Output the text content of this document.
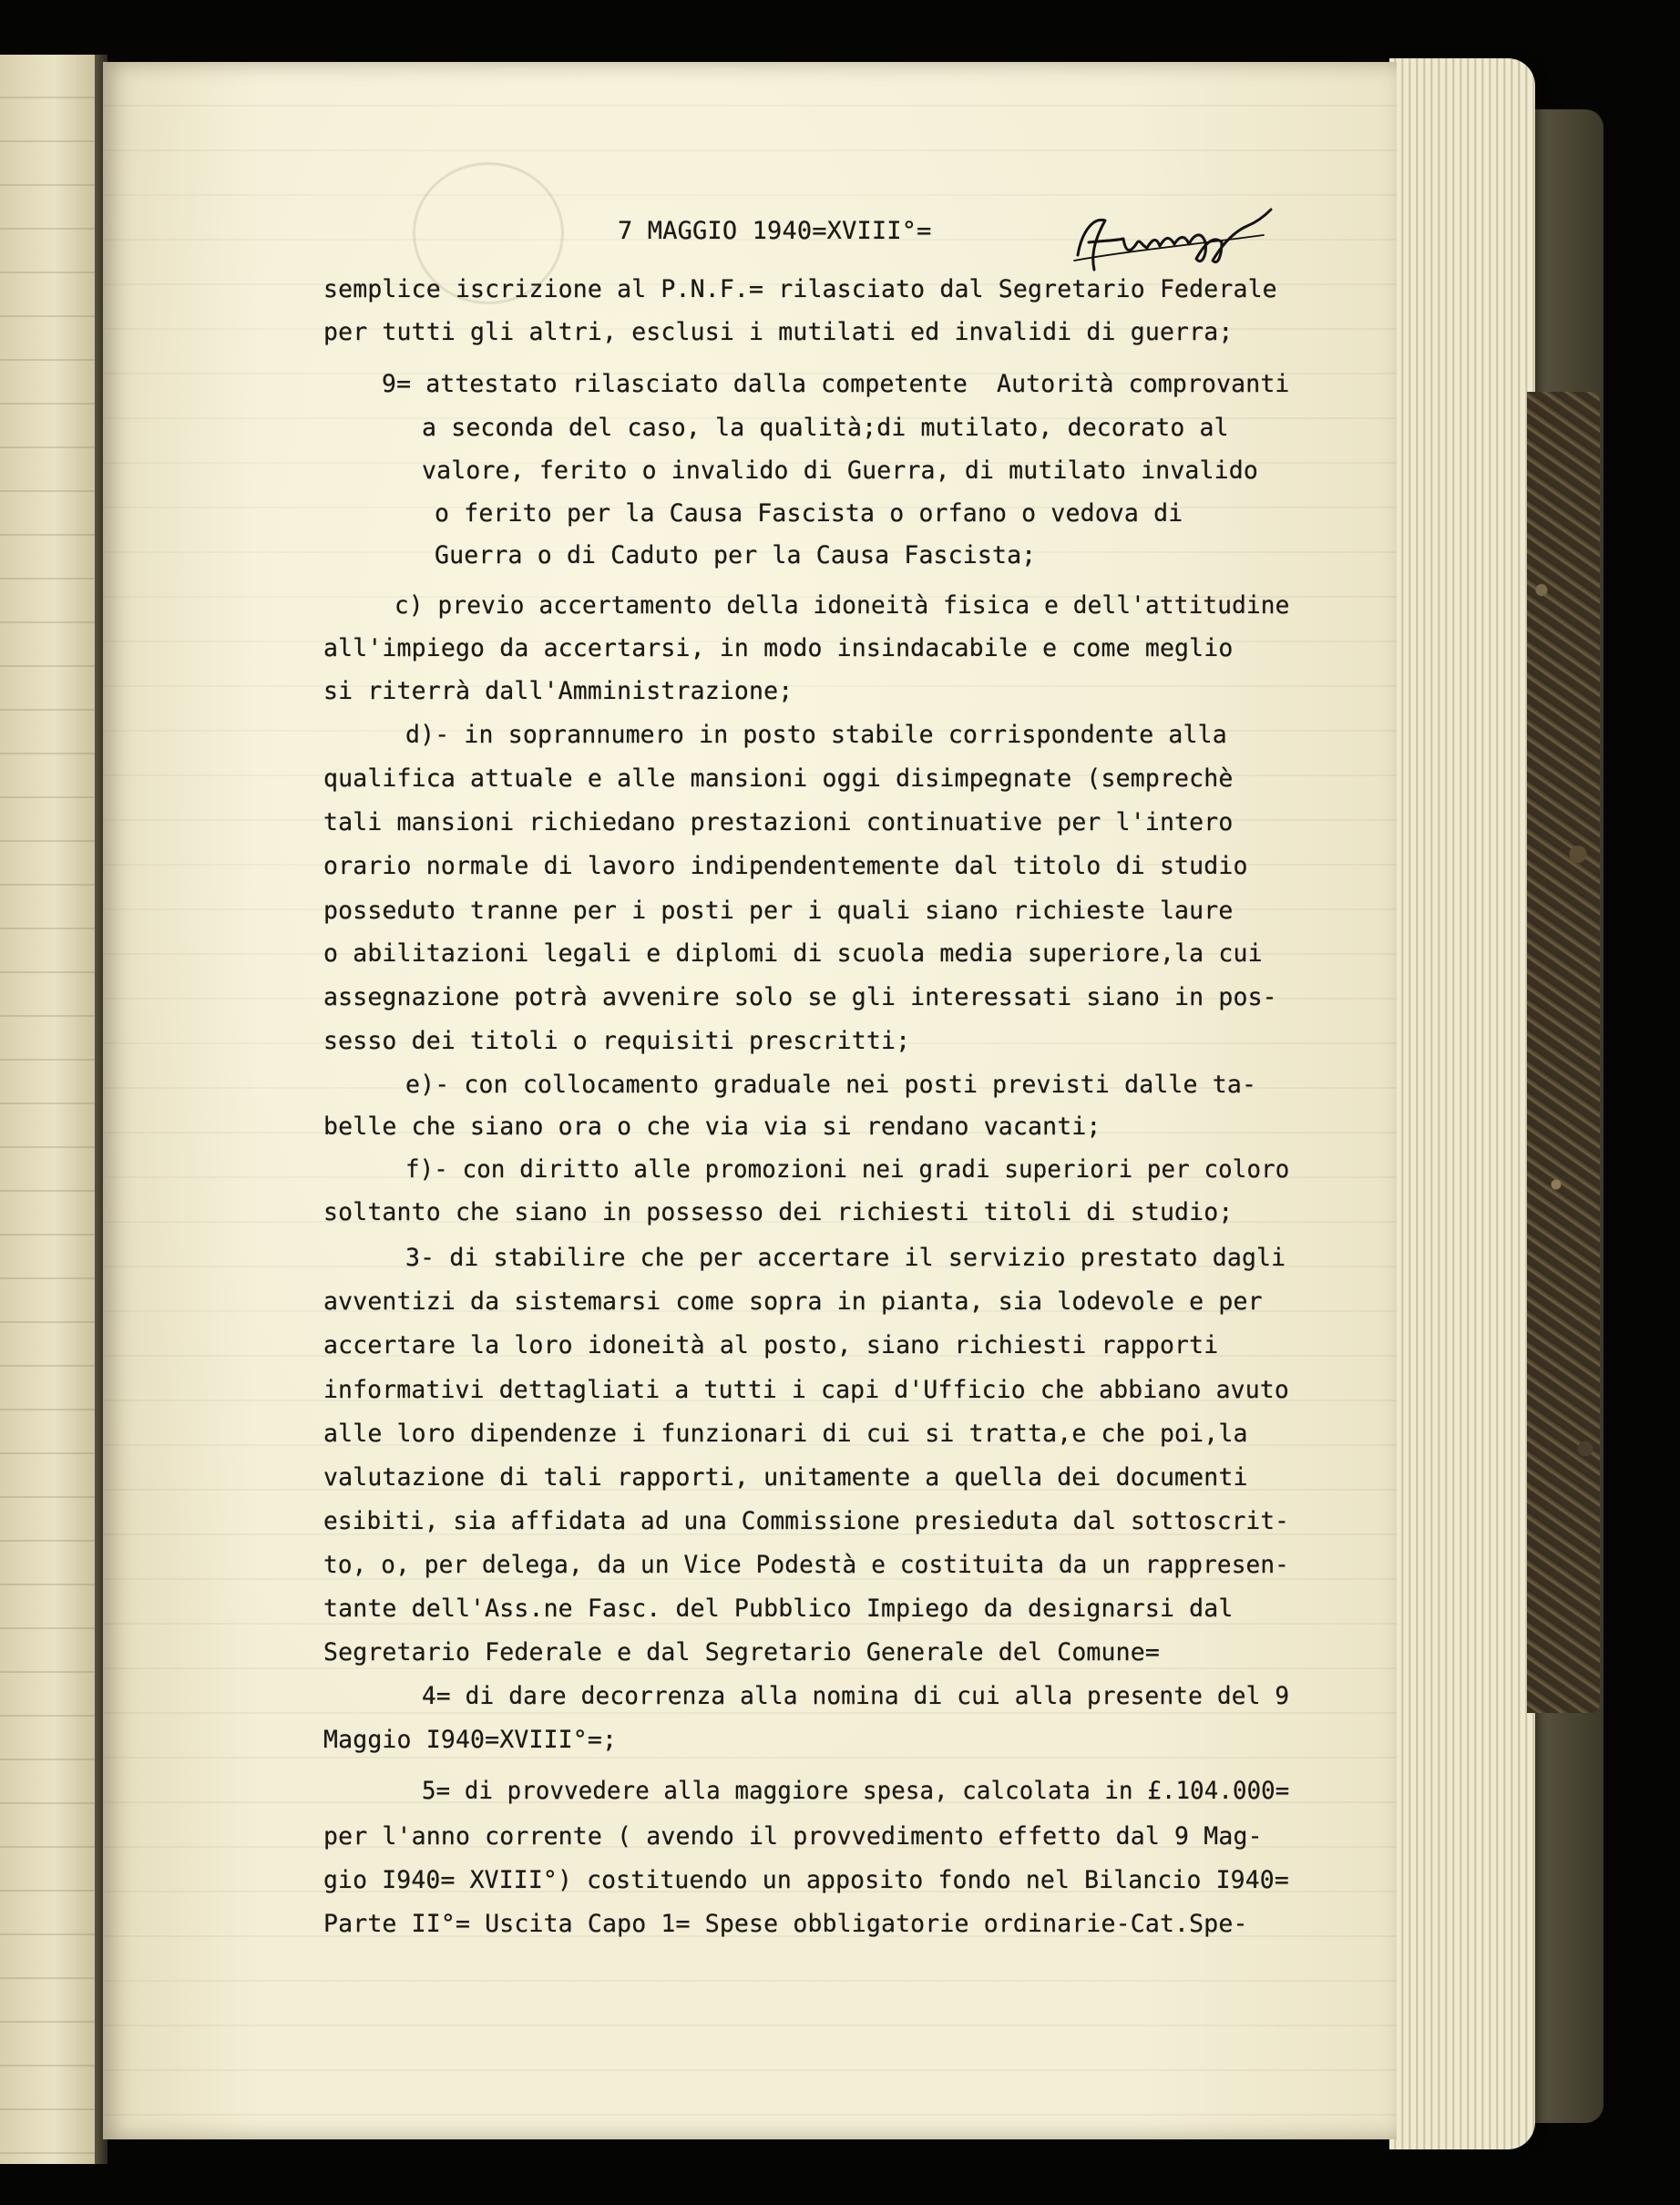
7 MAGGIO 1940=XVIII°=
semplice iscrizione al P.N.F.= rilasciato dal Segretario Federale
per tutti gli altri, esclusi i mutilati ed invalidi di guerra;
9= attestato rilasciato dalla competente  Autorità comprovanti
a seconda del caso, la qualità;di mutilato, decorato al
valore, ferito o invalido di Guerra, di mutilato invalido
o ferito per la Causa Fascista o orfano o vedova di
Guerra o di Caduto per la Causa Fascista;
c) previo accertamento della idoneità fisica e dell'attitudine
all'impiego da accertarsi, in modo insindacabile e come meglio
si riterrà dall'Amministrazione;
d)- in soprannumero in posto stabile corrispondente alla
qualifica attuale e alle mansioni oggi disimpegnate (semprechè
tali mansioni richiedano prestazioni continuative per l'intero
orario normale di lavoro indipendentemente dal titolo di studio
posseduto tranne per i posti per i quali siano richieste laure
o abilitazioni legali e diplomi di scuola media superiore,la cui
assegnazione potrà avvenire solo se gli interessati siano in pos-
sesso dei titoli o requisiti prescritti;
e)- con collocamento graduale nei posti previsti dalle ta-
belle che siano ora o che via via si rendano vacanti;
f)- con diritto alle promozioni nei gradi superiori per coloro
soltanto che siano in possesso dei richiesti titoli di studio;
3- di stabilire che per accertare il servizio prestato dagli
avventizi da sistemarsi come sopra in pianta, sia lodevole e per
accertare la loro idoneità al posto, siano richiesti rapporti
informativi dettagliati a tutti i capi d'Ufficio che abbiano avuto
alle loro dipendenze i funzionari di cui si tratta,e che poi,la
valutazione di tali rapporti, unitamente a quella dei documenti
esibiti, sia affidata ad una Commissione presieduta dal sottoscrit-
to, o, per delega, da un Vice Podestà e costituita da un rappresen-
tante dell'Ass.ne Fasc. del Pubblico Impiego da designarsi dal
Segretario Federale e dal Segretario Generale del Comune=
4= di dare decorrenza alla nomina di cui alla presente del 9
Maggio I940=XVIII°=;
5= di provvedere alla maggiore spesa, calcolata in £.104.000=
per l'anno corrente ( avendo il provvedimento effetto dal 9 Mag-
gio I940= XVIII°) costituendo un apposito fondo nel Bilancio I940=
Parte II°= Uscita Capo 1= Spese obbligatorie ordinarie-Cat.Spe-
